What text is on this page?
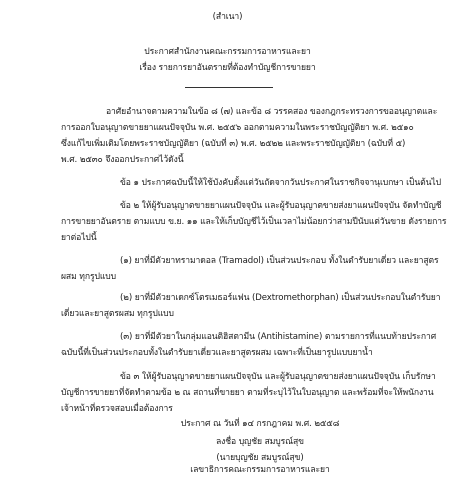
(สำเนา)
ประกาศสำนักงานคณะกรรมการอาหารและยา
เรื่อง รายการยาอันตรายที่ต้องทำบัญชีการขายยา
อาศัยอำนาจตามความในข้อ ๘ (๗) และข้อ ๘ วรรคสอง ของกฎกระทรวงการขออนุญาตและ
การออกใบอนุญาตขายยาแผนปัจจุบัน พ.ศ. ๒๕๕๖ ออกตามความในพระราชบัญญัติยา พ.ศ. ๒๕๑๐
ซึ่งแก้ไขเพิ่มเติมโดยพระราชบัญญัติยา (ฉบับที่ ๓) พ.ศ. ๒๕๒๒ และพระราชบัญญัติยา (ฉบับที่ ๕)
พ.ศ. ๒๕๓๐ จึงออกประกาศไว้ดังนี้
ข้อ ๑ ประกาศฉบับนี้ให้ใช้บังคับตั้งแต่วันถัดจากวันประกาศในราชกิจจานุเบกษา เป็นต้นไป
ข้อ ๒ ให้ผู้รับอนุญาตขายยาแผนปัจจุบัน และผู้รับอนุญาตขายส่งยาแผนปัจจุบัน จัดทำบัญชี
การขายยาอันตราย ตามแบบ ข.ย. ๑๑ และให้เก็บบัญชีไว้เป็นเวลาไม่น้อยกว่าสามปีนับแต่วันขาย ดังรายการ
ยาต่อไปนี้
(๑) ยาที่มีตัวยาทรามาดอล (Tramadol) เป็นส่วนประกอบ ทั้งในตำรับยาเดี่ยว และยาสูตร
ผสม ทุกรูปแบบ
(๒) ยาที่มีตัวยาเดกซ์โตรเมธอร์แฟน (Dextromethorphan) เป็นส่วนประกอบในตำรับยา
เดี่ยวและยาสูตรผสม ทุกรูปแบบ
(๓) ยาที่มีตัวยาในกลุ่มแอนติฮิสตามีน (Antihistamine) ตามรายการที่แนบท้ายประกาศ
ฉบับนี้ที่เป็นส่วนประกอบทั้งในตำรับยาเดี่ยวและยาสูตรผสม เฉพาะที่เป็นยารูปแบบยาน้ำ
ข้อ ๓ ให้ผู้รับอนุญาตขายยาแผนปัจจุบัน และผู้รับอนุญาตขายส่งยาแผนปัจจุบัน เก็บรักษา
บัญชีการขายยาที่จัดทำตามข้อ ๒ ณ สถานที่ขายยา ตามที่ระบุไว้ในใบอนุญาต และพร้อมที่จะให้พนักงาน
เจ้าหน้าที่ตรวจสอบเมื่อต้องการ
ประกาศ ณ วันที่ ๑๔ กรกฎาคม พ.ศ. ๒๕๕๘
ลงชื่อ บุญชัย สมบูรณ์สุข
(นายบุญชัย สมบูรณ์สุข)
เลขาธิการคณะกรรมการอาหารและยา
